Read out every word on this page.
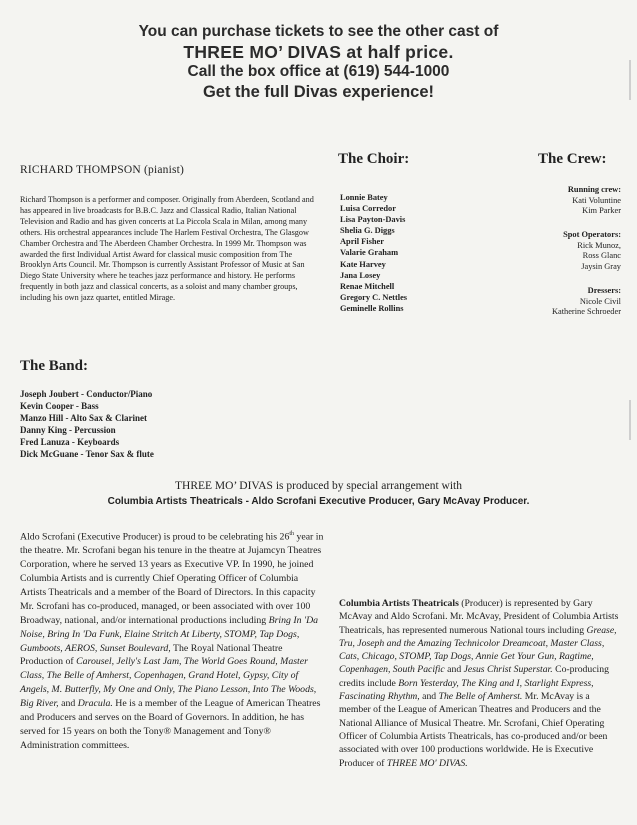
You can purchase tickets to see the other cast of
THREE MO’ DIVAS at half price.
Call the box office at (619) 544-1000
Get the full Divas experience!
RICHARD THOMPSON (pianist)
Richard Thompson is a performer and composer. Originally from Aberdeen, Scotland and has appeared in live broadcasts for B.B.C. Jazz and Classical Radio, Italian National Television and Radio and has given concerts at La Piccola Scala in Milan, among many others. His orchestral appearances include The Harlem Festival Orchestra, The Glasgow Chamber Orchestra and The Aberdeen Chamber Orchestra. In 1999 Mr. Thompson was awarded the first Individual Artist Award for classical music composition from The Brooklyn Arts Council. Mr. Thompson is currently Assistant Professor of Music at San Diego State University where he teaches jazz performance and history. He performs frequently in both jazz and classical concerts, as a soloist and many chamber groups, including his own jazz quartet, entitled Mirage.
The Choir:
Lonnie Batey
Luisa Corredor
Lisa Payton-Davis
Shelia G. Diggs
April Fisher
Valarie Graham
Kate Harvey
Jana Losey
Renae Mitchell
Gregory C. Nettles
Geminelle Rollins
The Crew:
Running crew:
Kati Voluntine
Kim Parker
Spot Operators:
Rick Munoz,
Ross Glanc
Jaysin Gray
Dressers:
Nicole Civil
Katherine Schroeder
The Band:
Joseph Joubert - Conductor/Piano
Kevin Cooper - Bass
Manzo Hill - Alto Sax & Clarinet
Danny King - Percussion
Fred Lanuza - Keyboards
Dick McGuane - Tenor Sax & flute
THREE MO’ DIVAS is produced by special arrangement with
Columbia Artists Theatricals - Aldo Scrofani Executive Producer, Gary McAvay Producer.
Aldo Scrofani (Executive Producer) is proud to be celebrating his 26th year in the theatre. Mr. Scrofani began his tenure in the theatre at Jujamcyn Theatres Corporation, where he served 13 years as Executive VP. In 1990, he joined Columbia Artists and is currently Chief Operating Officer of Columbia Artists Theatricals and a member of the Board of Directors. In this capacity Mr. Scrofani has co-produced, managed, or been associated with over 100 Broadway, national, and/or international productions including Bring In 'Da Noise, Bring In 'Da Funk, Elaine Stritch At Liberty, STOMP, Tap Dogs, Gumboots, AEROS, Sunset Boulevard, The Royal National Theatre Production of Carousel, Jelly's Last Jam, The World Goes Round, Master Class, The Belle of Amherst, Copenhagen, Grand Hotel, Gypsy, City of Angels, M. Butterfly, My One and Only, The Piano Lesson, Into The Woods, Big River, and Dracula. He is a member of the League of American Theatres and Producers and serves on the Board of Governors. In addition, he has served for 15 years on both the Tony® Management and Tony® Administration committees.
Columbia Artists Theatricals (Producer) is represented by Gary McAvay and Aldo Scrofani. Mr. McAvay, President of Columbia Artists Theatricals, has represented numerous National tours including Grease, Tru, Joseph and the Amazing Technicolor Dreamcoat, Master Class, Cats, Chicago, STOMP, Tap Dogs, Annie Get Your Gun, Ragtime, Copenhagen, South Pacific and Jesus Christ Superstar. Co-producing credits include Born Yesterday, The King and I, Starlight Express, Fascinating Rhythm, and The Belle of Amherst. Mr. McAvay is a member of the League of American Theatres and Producers and the National Alliance of Musical Theatre. Mr. Scrofani, Chief Operating Officer of Columbia Artists Theatricals, has co-produced and/or been associated with over 100 productions worldwide. He is Executive Producer of THREE MO' DIVAS.
